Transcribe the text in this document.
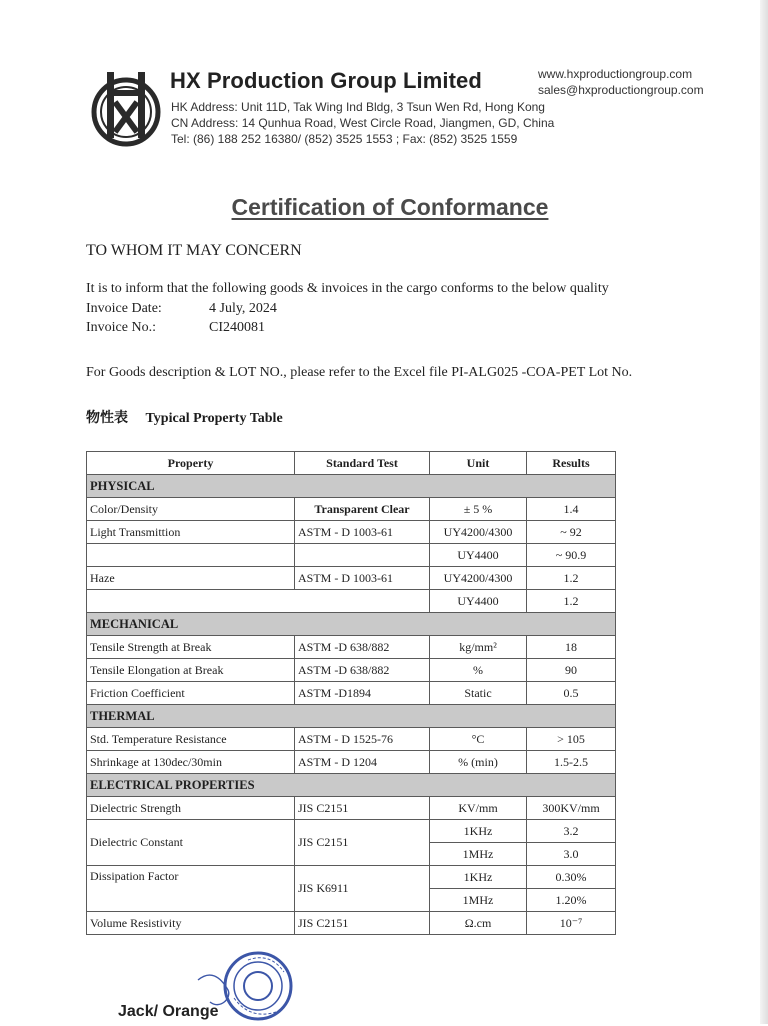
HX Production Group Limited	www.hxproductiongroup.com
sales@hxproductiongroup.com
HK Address: Unit 11D, Tak Wing Ind Bldg, 3 Tsun Wen Rd, Hong Kong
CN Address: 14 Qunhua Road, West Circle Road, Jiangmen, GD, China
Tel: (86) 188 252 16380/ (852) 3525 1553 ; Fax: (852) 3525 1559
Certification of Conformance
TO WHOM IT MAY CONCERN
It is to inform that the following goods & invoices in the cargo conforms to the below quality
Invoice Date:	4 July, 2024
Invoice No.:	CI240081
For Goods description & LOT NO., please refer to the Excel file PI-ALG025 -COA-PET Lot No.
物性表 Typical Property Table
Property	Standard Test	Unit	Results
PHYSICAL			
Color/Density	Transparent Clear	± 5 %	1.4
Light Transmittion	ASTM - D 1003-61	UY4200/4300	~ 92
		UY4400	~ 90.9
Haze	ASTM - D 1003-61	UY4200/4300	1.2
		UY4400	1.2
MECHANICAL			
Tensile Strength at Break	ASTM -D 638/882	kg/mm²	18
Tensile Elongation at Break	ASTM -D 638/882	%	90
Friction Coefficient	ASTM -D1894	Static	0.5
THERMAL			
Std. Temperature Resistance	ASTM - D 1525-76	°C	> 105
Shrinkage at 130dec/30min	ASTM - D 1204	% (min)	1.5-2.5
ELECTRICAL PROPERTIES			
Dielectric Strength	JIS C2151	KV/mm	300KV/mm
Dielectric Constant	JIS C2151	1KHz	3.2
		1MHz	3.0
Dissipation Factor	JIS K6911	1KHz	0.30%
		1MHz	1.20%
Volume Resistivity	JIS C2151	Ω.cm	10⁻⁷
Jack/ Orange
